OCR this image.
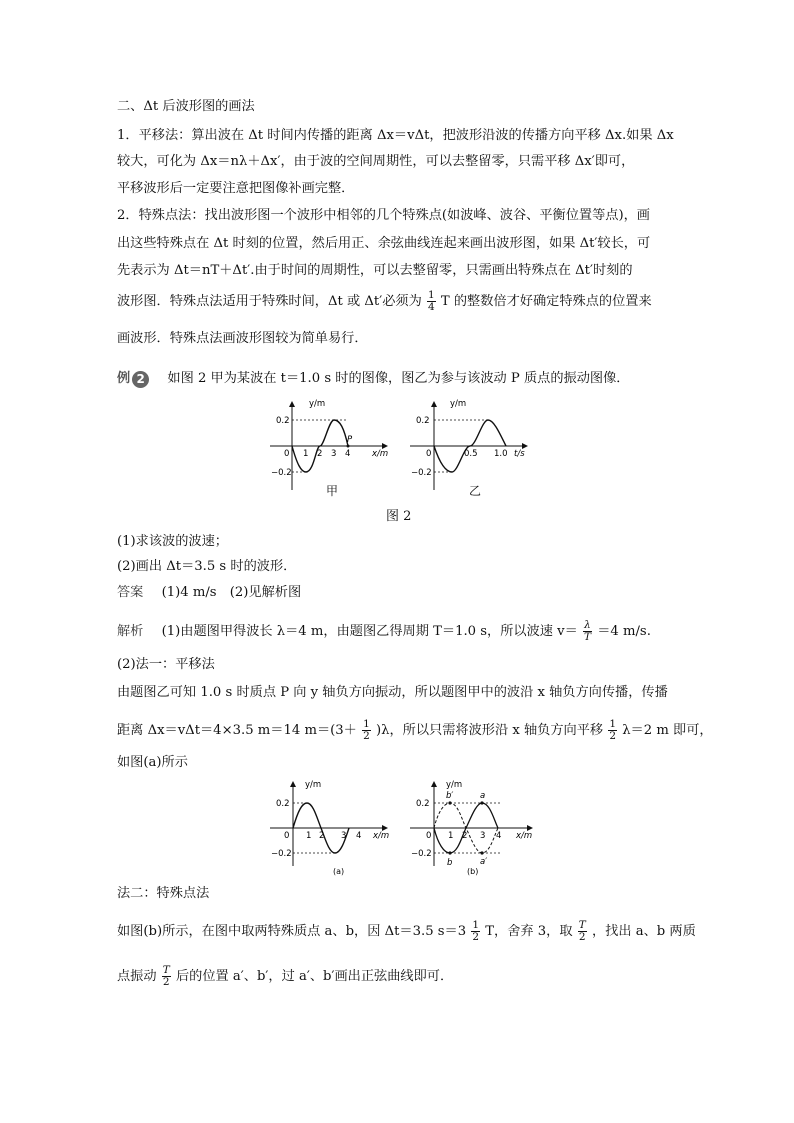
二、Δt 后波形图的画法
1．平移法：算出波在 Δt 时间内传播的距离 Δx＝vΔt，把波形沿波的传播方向平移 Δx.如果 Δx
较大，可化为 Δx＝nλ＋Δx′，由于波的空间周期性，可以去整留零，只需平移 Δx′即可，
平移波形后一定要注意把图像补画完整．
2．特殊点法：找出波形图一个波形中相邻的几个特殊点(如波峰、波谷、平衡位置等点)，画
出这些特殊点在 Δt 时刻的位置，然后用正、余弦曲线连起来画出波形图，如果 Δt′较长，可
先表示为 Δt＝nT＋Δt′.由于时间的周期性，可以去整留零，只需画出特殊点在 Δt′时刻的
波形图．特殊点法适用于特殊时间，Δt 或 Δt′必须为 $\frac{1}{4}$ T 的整数倍才好确定特殊点的位置来
画波形．特殊点法画波形图较为简单易行．
例 2	如图 2 甲为某波在 t＝1.0 s 时的图像，图乙为参与该波动 P 质点的振动图像．
y/m
x/m
0.2
0
−0.2
1 2 3 4
P
甲
y/m
t/s
0.2
0
−0.2
0.5 1.0
乙
图 2
(1)求该波的波速；
(2)画出 Δt＝3.5 s 时的波形．
答案 (1)4 m/s　(2)见解析图
解析 (1)由题图甲得波长 λ＝4 m，由题图乙得周期 T＝1.0 s，所以波速 $v= \frac{\lambda}{T} =4$ m/s.
(2)法一：平移法
由题图乙可知 1.0 s 时质点 P 向 y 轴负方向振动，所以题图甲中的波沿 x 轴负方向传播，传播
距离 Δx＝vΔt＝4×3.5 m＝14 $m=(3+ \frac{1}{2} )\lambda$，所以只需将波形沿 x 轴负方向平移 $\frac{1}{2} \lambda=2$ m 即可，
如图(a)所示
y/m
x/m
0.2
0
−0.2
1 2 3 4
(a)
y/m
x/m
0.2
0
−0.2
1 2 3 4
b′	a
b	a′
(b)
法二：特殊点法
如图(b)所示，在图中取两特殊质点 a、b，因 Δt＝3.5 $s=3 \frac{1}{2}$ T，舍弃 3，取 $\frac{T}{2}$ ，找出 a、b 两质
点振动 $\frac{T}{2}$ 后的位置 a′、b′，过 a′、b′画出正弦曲线即可．
